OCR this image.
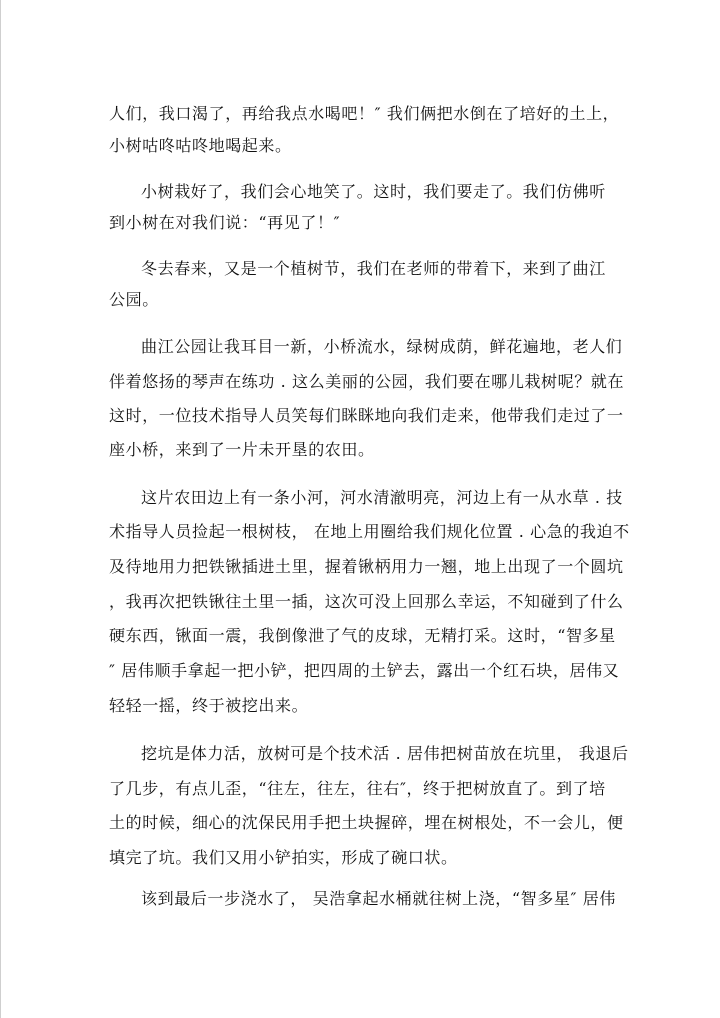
人们，我口渴了，再给我点水喝吧！″ 我们俩把水倒在了培好的土上，
小树咕咚咕咚地喝起来。
小树栽好了，我们会心地笑了。这时，我们要走了。我们仿佛听
到小树在对我们说：“再见了！″
冬去春来，又是一个植树节，我们在老师的带着下，来到了曲江
公园。
曲江公园让我耳目一新，小桥流水，绿树成荫，鲜花遍地，老人们
伴着悠扬的琴声在练功 . 这么美丽的公园，我们要在哪儿栽树呢？就在
这时，一位技术指导人员笑每们眯眯地向我们走来，他带我们走过了一
座小桥，来到了一片未开垦的农田。
这片农田边上有一条小河，河水清澈明亮，河边上有一从水草 . 技
术指导人员捡起一根树枝， 在地上用圈给我们规化位置 . 心急的我迫不
及待地用力把铁锹插进土里，握着锹柄用力一翘，地上出现了一个圆坑
，我再次把铁锹往土里一插，这次可没上回那么幸运，不知碰到了什么
硬东西，锹面一震，我倒像泄了气的皮球，无精打采。这时，“智多星
″ 居伟顺手拿起一把小铲，把四周的土铲去，露出一个红石块，居伟又
轻轻一摇，终于被挖出来。
挖坑是体力活，放树可是个技术活 . 居伟把树苗放在坑里， 我退后
了几步，有点儿歪，“往左，往左，往右″，终于把树放直了。到了培
土的时候，细心的沈保民用手把土块握碎，埋在树根处，不一会儿，便
填完了坑。我们又用小铲拍实，形成了碗口状。
该到最后一步浇水了， 吴浩拿起水桶就往树上浇，“智多星″ 居伟
